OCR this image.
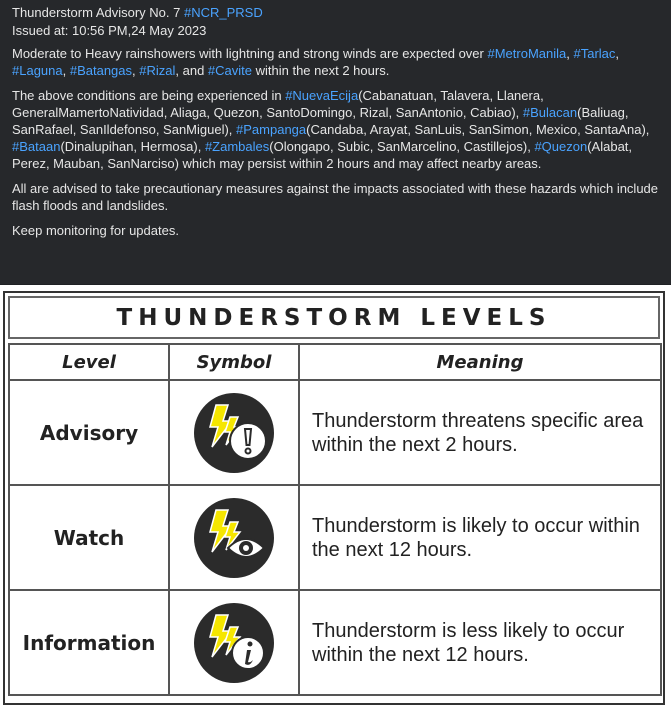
Thunderstorm Advisory No. 7 #NCR_PRSD
Issued at: 10:56 PM,24 May 2023

Moderate to Heavy rainshowers with lightning and strong winds are expected over #MetroManila, #Tarlac, #Laguna, #Batangas, #Rizal, and #Cavite within the next 2 hours.

The above conditions are being experienced in #NuevaEcija(Cabanatuan, Talavera, Llanera, GeneralMamertoNatividad, Aliaga, Quezon, SantoDomingo, Rizal, SanAntonio, Cabiao), #Bulacan(Baliuag, SanRafael, SanIldefonso, SanMiguel), #Pampanga(Candaba, Arayat, SanLuis, SanSimon, Mexico, SantaAna), #Bataan(Dinalupihan, Hermosa), #Zambales(Olongapo, Subic, SanMarcelino, Castillejos), #Quezon(Alabat, Perez, Mauban, SanNarciso) which may persist within 2 hours and may affect nearby areas.

All are advised to take precautionary measures against the impacts associated with these hazards which include flash floods and landslides.

Keep monitoring for updates.

THUNDERSTORM LEVELS
Level	Symbol	Meaning
Advisory		Thunderstorm threatens specific area within the next 2 hours.
Watch		Thunderstorm is likely to occur within the next 12 hours.
Information		Thunderstorm is less likely to occur within the next 12 hours.
